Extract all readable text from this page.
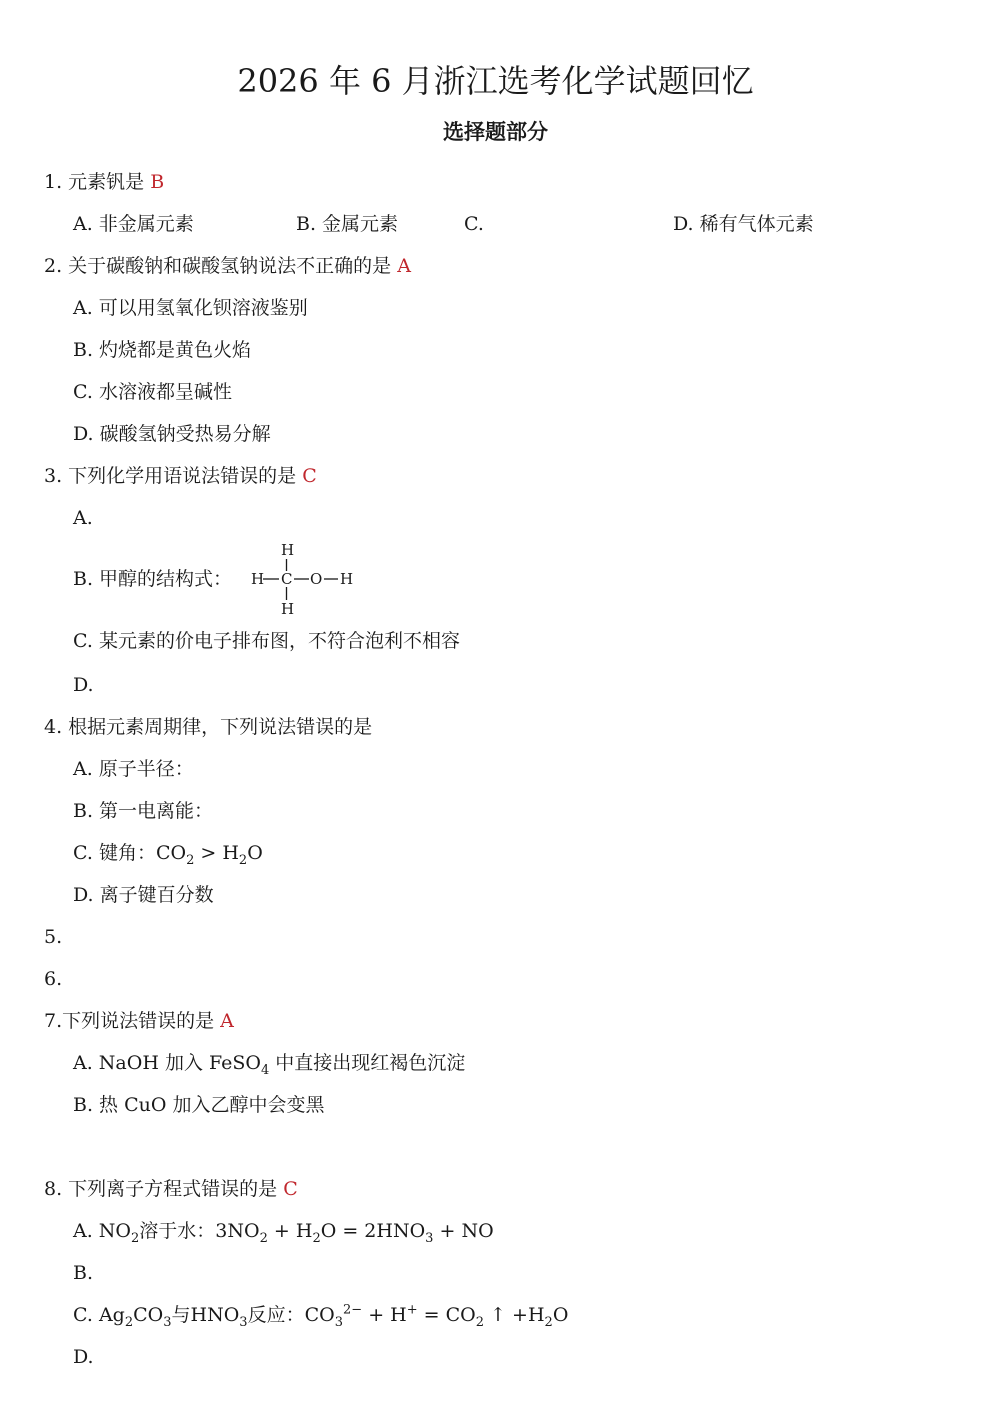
2026 年 6 月浙江选考化学试题回忆
选择题部分
1. 元素钒是 B
A. 非金属元素	B. 金属元素	C.	D. 稀有气体元素
2. 关于碳酸钠和碳酸氢钠说法不正确的是 A
A. 可以用氢氧化钡溶液鉴别
B. 灼烧都是黄色火焰
C. 水溶液都呈碱性
D. 碳酸氢钠受热易分解
3. 下列化学用语说法错误的是 C
A.
B. 甲醇的结构式：
H
H C O H
H
C. 某元素的价电子排布图，不符合泡利不相容
D.
4. 根据元素周期律，下列说法错误的是
A. 原子半径：
B. 第一电离能：
C. 键角：$CO_2 > H_2O$
D. 离子键百分数
5.
6.
7.下列说法错误的是 A
A. NaOH 加入 FeSO$_4$ 中直接出现红褐色沉淀
B. 热 CuO 加入乙醇中会变黑
8. 下列离子方程式错误的是 C
A. $NO_2$溶于水：$3NO_2 + H_2O = 2HNO_3$ + NO
B.
C. $Ag_2CO_3$与$HNO_3$反应：$CO_3^{2-} + H^+ = CO_2$ ↑ $+H_2O$
D.
